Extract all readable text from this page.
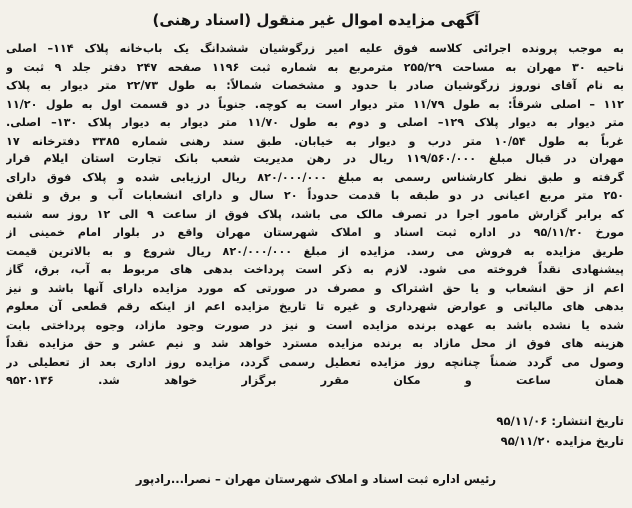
آگهی مزایده اموال غیر منقول (اسناد رهنی)
به موجب پرونده اجرائی کلاسه فوق علیه امیر زرگوشیان ششدانگ یک باب‌خانه پلاک ۱۱۴– اصلی
ناحیه ۳۰ مهران به مساحت ۲۵۵/۲۹ مترمربع به شماره ثبت ۱۱۹۶ صفحه ۲۴۷ دفتر جلد ۹ ثبت و
به نام آقای نوروز زرگوشیان صادر با حدود و مشخصات شمالاً: به طول ۲۲/۷۳ متر دیوار به پلاک
۱۱۲ – اصلی شرقاً: به طول ۱۱/۷۹ متر دیوار است به کوچه. جنوباً در دو قسمت اول به طول ۱۱/۲۰
متر دیوار به دیوار پلاک ۱۲۹– اصلی و دوم به طول ۱۱/۷۰ متر دیوار به دیوار پلاک ۱۳۰– اصلی.
غرباً به طول ۱۰/۵۴ متر درب و دیوار به خیابان. طبق سند رهنی شماره ۳۳۸۵ دفترخانه ۱۷
مهران در قبال مبلغ ۱۱۹/۵۶۰/۰۰۰ ریال در رهن مدیریت شعب بانک تجارت استان ایلام قرار
گرفته و طبق نظر کارشناس رسمی به مبلغ ۸۲۰/۰۰۰/۰۰۰ ریال ارزیابی شده و پلاک فوق دارای
۲۵۰ متر مربع اعیانی در دو طبقه با قدمت حدوداً ۲۰ سال و دارای انشعابات آب و برق و تلفن
که برابر گزارش مامور اجرا در تصرف مالک می باشد، پلاک فوق از ساعت ۹ الی ۱۲ روز سه شنبه
مورخ ۹۵/۱۱/۲۰ در اداره ثبت اسناد و املاک شهرستان مهران واقع در بلوار امام خمینی از
طریق مزایده به فروش می رسد. مزایده از مبلغ ۸۲۰/۰۰۰/۰۰۰ ریال شروع و به بالاترین قیمت
پیشنهادی نقداً فروخته می شود. لازم به ذکر است پرداخت بدهی های مربوط به آب، برق، گاز
اعم از حق انشعاب و یا حق اشتراک و مصرف در صورتی که مورد مزایده دارای آنها باشد و نیز
بدهی های مالیاتی و عوارض شهرداری و غیره تا تاریخ مزایده اعم از اینکه رقم قطعی آن معلوم
شده یا نشده باشد به عهده برنده مزایده است و نیز در صورت وجود مازاد، وجوه پرداختی بابت
هزینه های فوق از محل مازاد به برنده مزایده مسترد خواهد شد و نیم عشر و حق مزایده نقداً
وصول می گردد ضمناً چنانچه روز مزایده تعطیل رسمی گردد، مزایده روز اداری بعد از تعطیلی در
همان ساعت و مکان مقرر برگزار خواهد شد. ۹۵۲۰۱۳۶
تاریخ انتشار: ۹۵/۱۱/۰۶
تاریخ مزایده ۹۵/۱۱/۲۰
رئیس اداره ثبت اسناد و املاک شهرستان مهران – نصرا...رادپور
